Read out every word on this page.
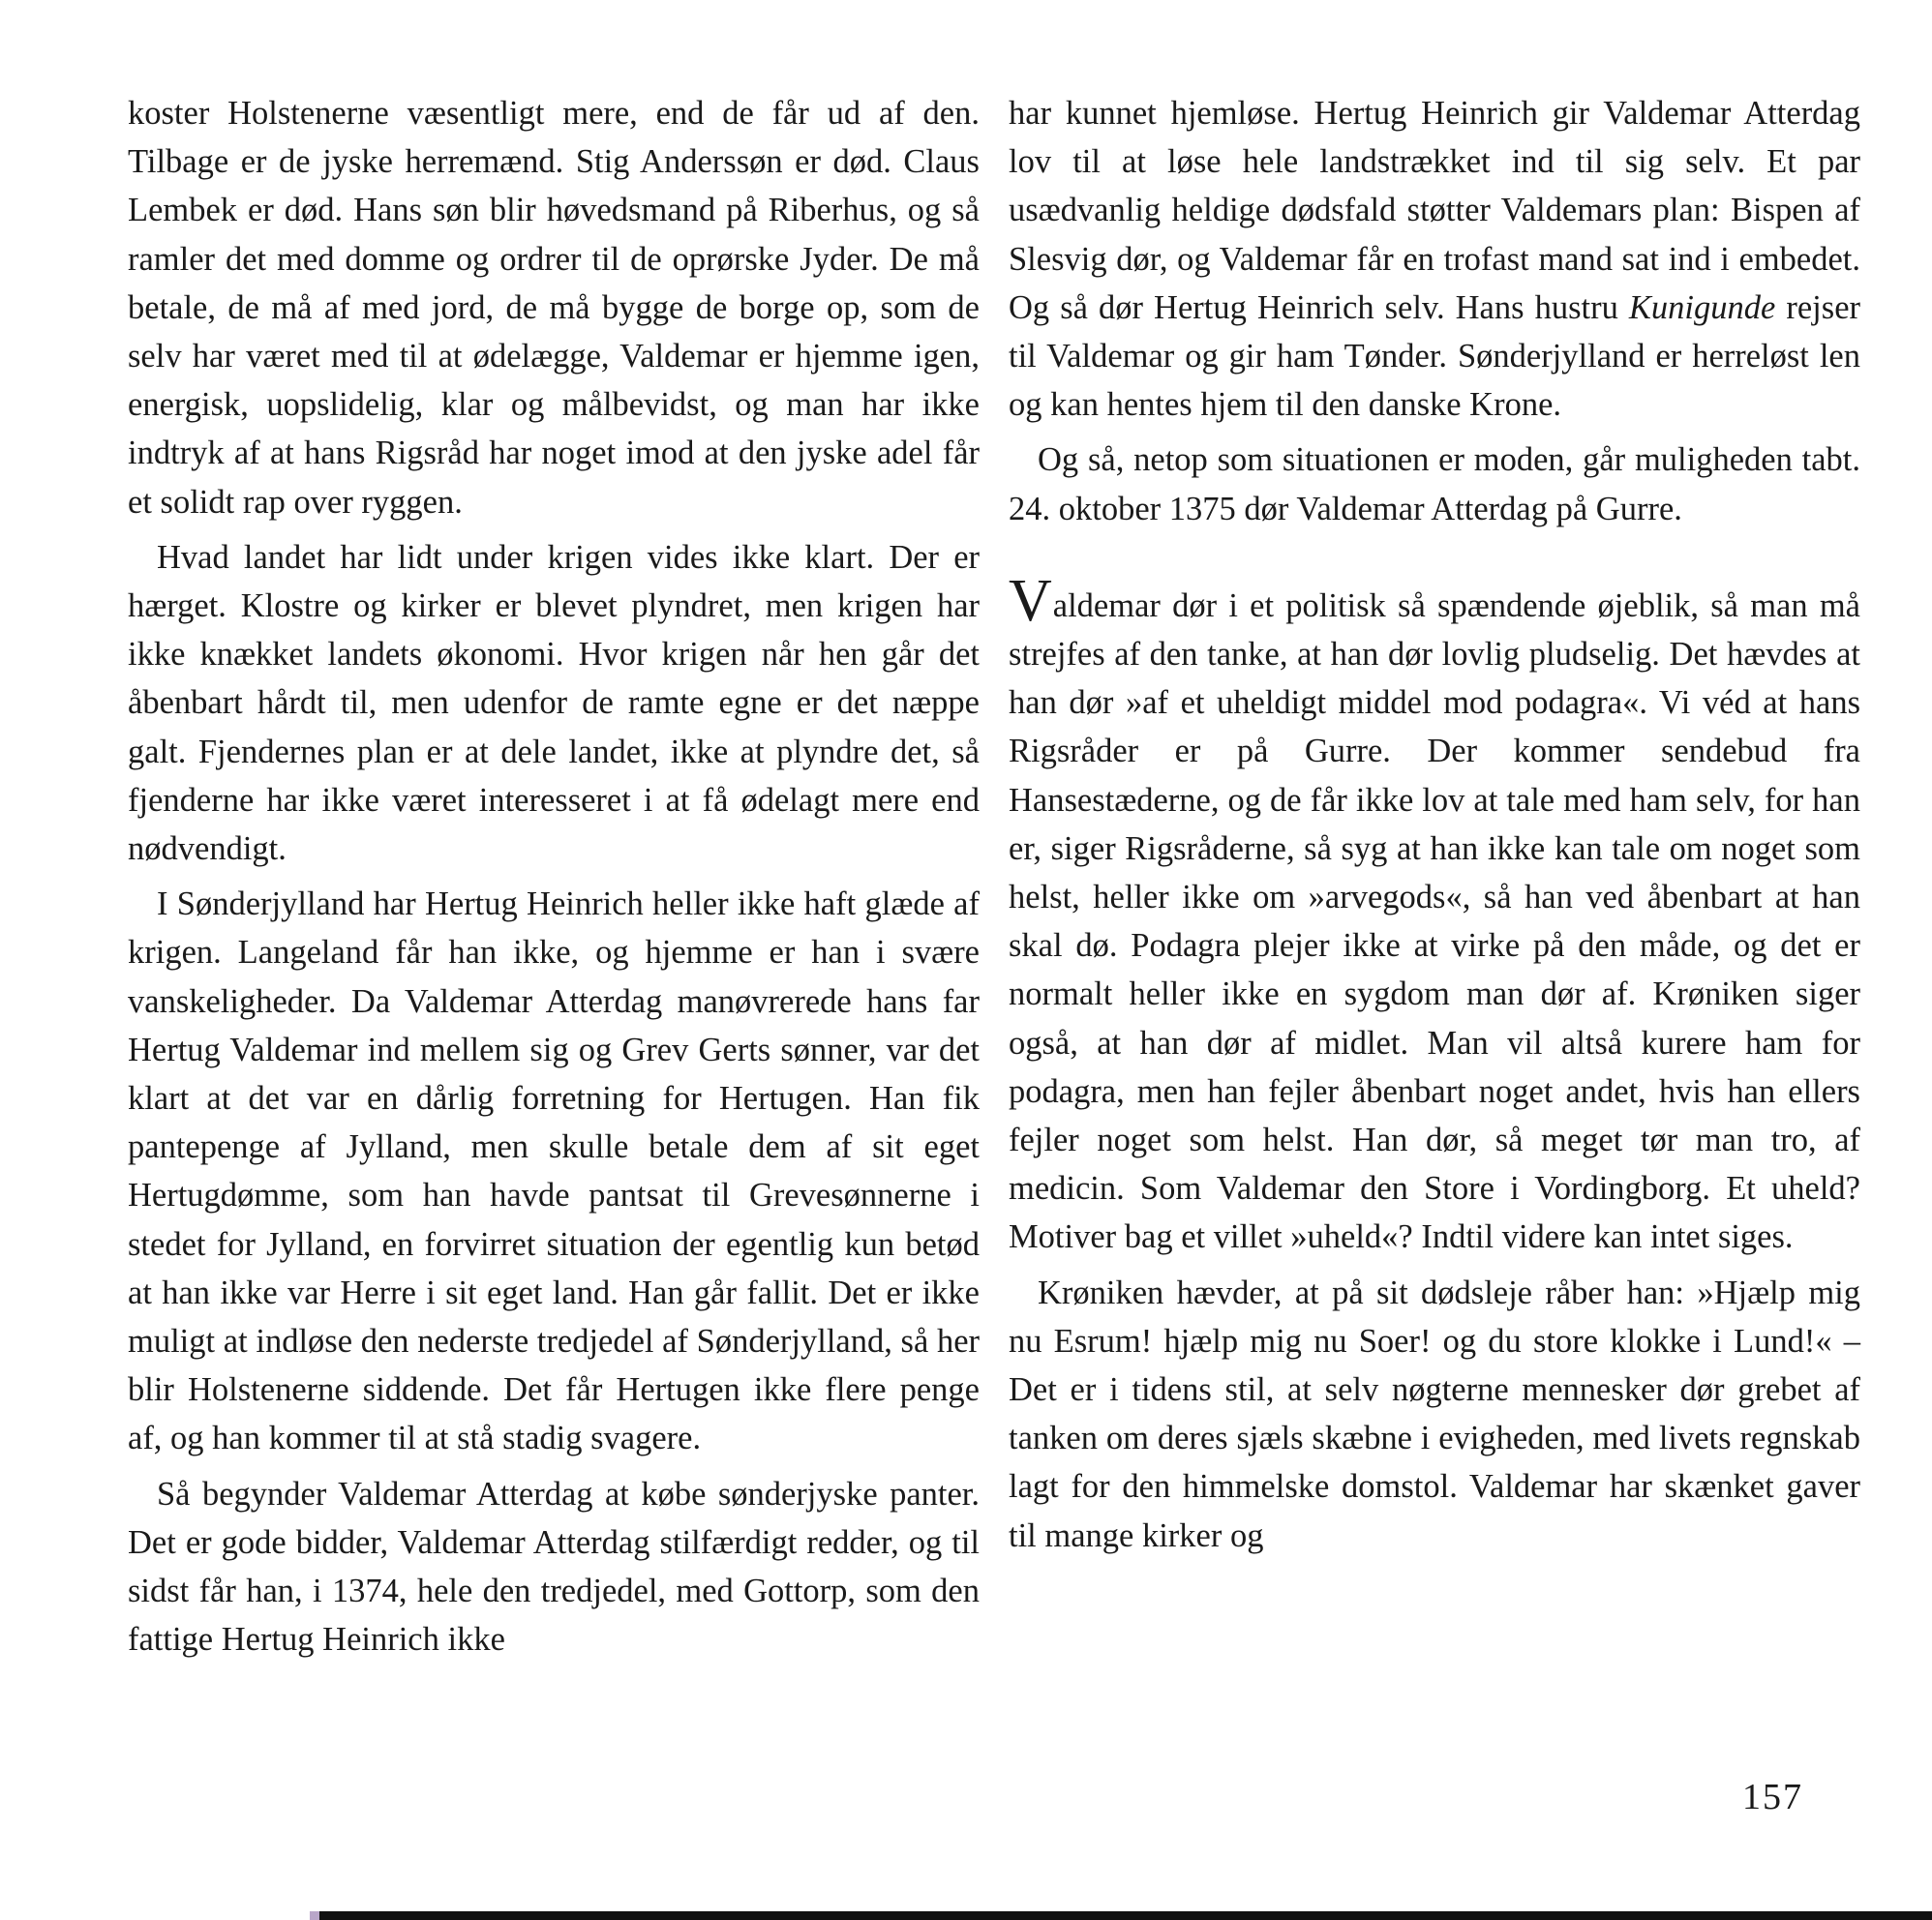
koster Holstenerne væsentligt mere, end de får ud af den. Tilbage er de jyske herremænd. Stig Anderssøn er død. Claus Lembek er død. Hans søn blir høvedsmand på Riberhus, og så ramler det med domme og ordrer til de oprørske Jyder. De må betale, de må af med jord, de må bygge de borge op, som de selv har været med til at ødelægge, Valdemar er hjemme igen, energisk, uopslidelig, klar og målbevidst, og man har ikke indtryk af at hans Rigsråd har noget imod at den jyske adel får et solidt rap over ryggen.

Hvad landet har lidt under krigen vides ikke klart. Der er hærget. Klostre og kirker er blevet plyndret, men krigen har ikke knækket landets økonomi. Hvor krigen når hen går det åbenbart hårdt til, men udenfor de ramte egne er det næppe galt. Fjendernes plan er at dele landet, ikke at plyndre det, så fjenderne har ikke været interesseret i at få ødelagt mere end nødvendigt.

I Sønderjylland har Hertug Heinrich heller ikke haft glæde af krigen. Langeland får han ikke, og hjemme er han i svære vanskeligheder. Da Valdemar Atterdag manøvrerede hans far Hertug Valdemar ind mellem sig og Grev Gerts sønner, var det klart at det var en dårlig forretning for Hertugen. Han fik pantepenge af Jylland, men skulle betale dem af sit eget Hertugdømme, som han havde pantsat til Grevesønnerne i stedet for Jylland, en forvirret situation der egentlig kun betød at han ikke var Herre i sit eget land. Han går fallit. Det er ikke muligt at indløse den nederste tredjedel af Sønderjylland, så her blir Holstenerne siddende. Det får Hertugen ikke flere penge af, og han kommer til at stå stadig svagere.

Så begynder Valdemar Atterdag at købe sønderjyske panter. Det er gode bidder, Valdemar Atterdag stilfærdigt redder, og til sidst får han, i 1374, hele den tredjedel, med Gottorp, som den fattige Hertug Heinrich ikke

har kunnet hjemløse. Hertug Heinrich gir Valdemar Atterdag lov til at løse hele landstrækket ind til sig selv. Et par usædvanlig heldige dødsfald støtter Valdemars plan: Bispen af Slesvig dør, og Valdemar får en trofast mand sat ind i embedet. Og så dør Hertug Heinrich selv. Hans hustru Kunigunde rejser til Valdemar og gir ham Tønder. Sønderjylland er herreløst len og kan hentes hjem til den danske Krone.

Og så, netop som situationen er moden, går muligheden tabt. 24. oktober 1375 dør Valdemar Atterdag på Gurre.

Valdemar dør i et politisk så spændende øjeblik, så man må strejfes af den tanke, at han dør lovlig pludselig. Det hævdes at han dør »af et uheldigt middel mod podagra«. Vi véd at hans Rigsråder er på Gurre. Der kommer sendebud fra Hansestæderne, og de får ikke lov at tale med ham selv, for han er, siger Rigsråderne, så syg at han ikke kan tale om noget som helst, heller ikke om »arvegods«, så han ved åbenbart at han skal dø. Podagra plejer ikke at virke på den måde, og det er normalt heller ikke en sygdom man dør af. Krøniken siger også, at han dør af midlet. Man vil altså kurere ham for podagra, men han fejler åbenbart noget andet, hvis han ellers fejler noget som helst. Han dør, så meget tør man tro, af medicin. Som Valdemar den Store i Vordingborg. Et uheld? Motiver bag et villet »uheld«? Indtil videre kan intet siges.

Krøniken hævder, at på sit dødsleje råber han: »Hjælp mig nu Esrum! hjælp mig nu Soer! og du store klokke i Lund!« – Det er i tidens stil, at selv nøgterne mennesker dør grebet af tanken om deres sjæls skæbne i evigheden, med livets regnskab lagt for den himmelske domstol. Valdemar har skænket gaver til mange kirker og

157
